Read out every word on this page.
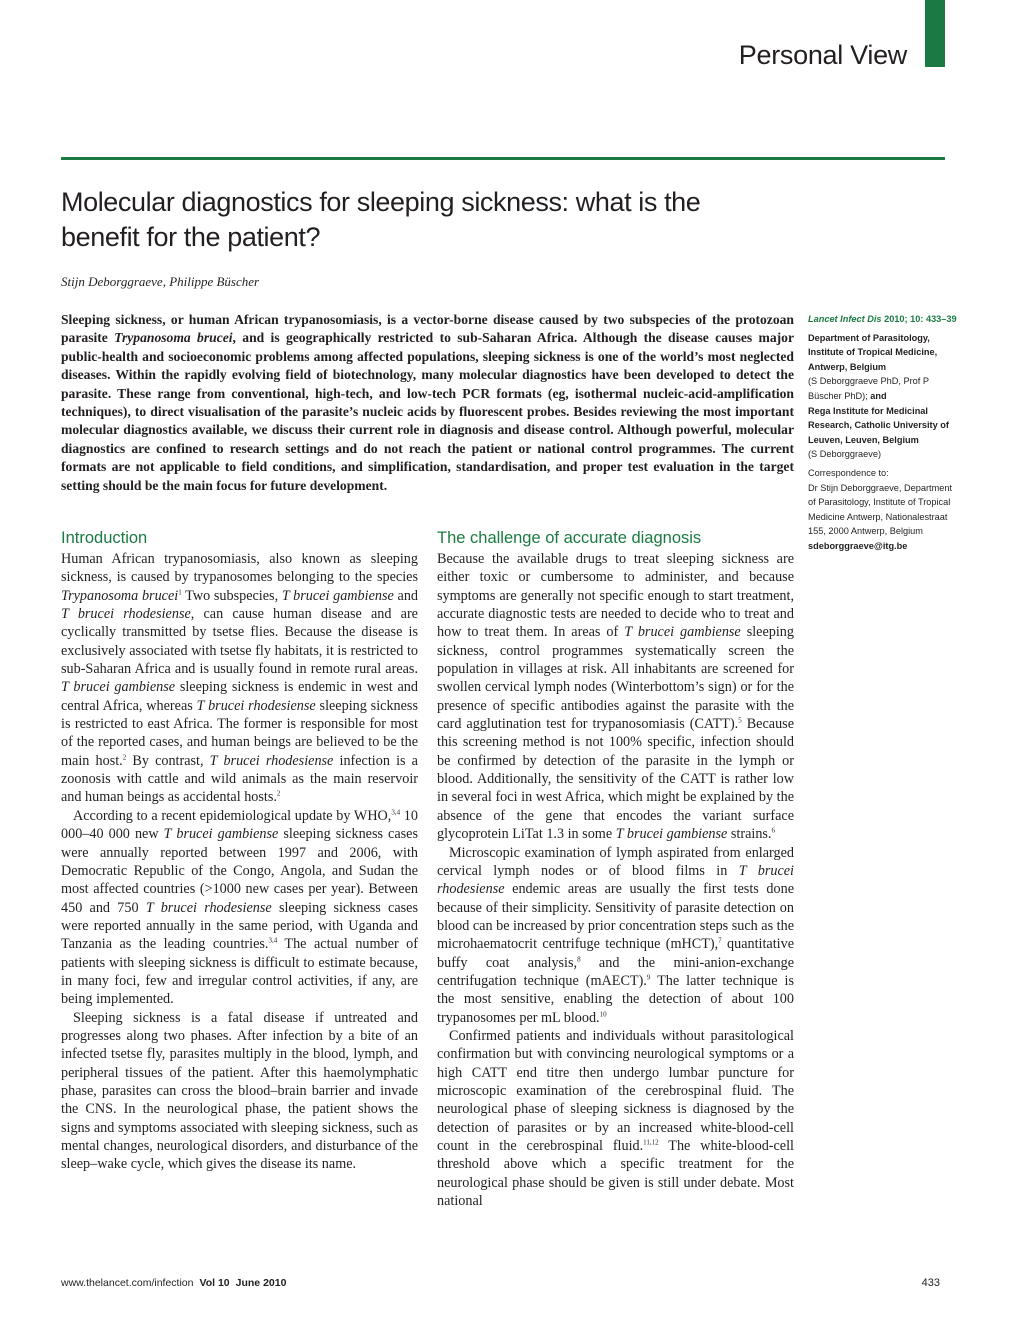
Personal View
Molecular diagnostics for sleeping sickness: what is the benefit for the patient?
Stijn Deborggraeve, Philippe Büscher

Sleeping sickness, or human African trypanosomiasis, is a vector-borne disease caused by two subspecies of the protozoan parasite Trypanosoma brucei, and is geographically restricted to sub-Saharan Africa. Although the disease causes major public-health and socioeconomic problems among affected populations, sleeping sickness is one of the world’s most neglected diseases. Within the rapidly evolving field of biotechnology, many molecular diagnostics have been developed to detect the parasite. These range from conventional, high-tech, and low-tech PCR formats (eg, isothermal nucleic-acid-amplification techniques), to direct visualisation of the parasite’s nucleic acids by fluorescent probes. Besides reviewing the most important molecular diagnostics available, we discuss their current role in diagnosis and disease control. Although powerful, molecular diagnostics are confined to research settings and do not reach the patient or national control programmes. The current formats are not applicable to field conditions, and simplification, standardisation, and proper test evaluation in the target setting should be the main focus for future development.

Lancet Infect Dis 2010; 10: 433–39

Department of Parasitology, Institute of Tropical Medicine, Antwerp, Belgium
(S Deborggraeve PhD, Prof P Büscher PhD); and
Rega Institute for Medicinal Research, Catholic University of Leuven, Leuven, Belgium
(S Deborggraeve)

Correspondence to:
Dr Stijn Deborggraeve, Department of Parasitology, Institute of Tropical Medicine Antwerp, Nationalestraat 155, 2000 Antwerp, Belgium
sdeborggraeve@itg.be

Introduction

Human African trypanosomiasis, also known as sleeping sickness, is caused by trypanosomes belonging to the species Trypanosoma brucei$^1$ Two subspecies, T brucei gambiense and T brucei rhodesiense, can cause human disease and are cyclically transmitted by tsetse flies. Because the disease is exclusively associated with tsetse fly habitats, it is restricted to sub-Saharan Africa and is usually found in remote rural areas. T brucei gambiense sleeping sickness is endemic in west and central Africa, whereas T brucei rhodesiense sleeping sickness is restricted to east Africa. The former is responsible for most of the reported cases, and human beings are believed to be the main host.$^2$ By contrast, T brucei rhodesiense infection is a zoonosis with cattle and wild animals as the main reservoir and human beings as accidental hosts.$^2$

According to a recent epidemiological update by WHO,$^{3,4}$ 10 000–40 000 new T brucei gambiense sleeping sickness cases were annually reported between 1997 and 2006, with Democratic Republic of the Congo, Angola, and Sudan the most affected countries (>1000 new cases per year). Between 450 and 750 T brucei rhodesiense sleeping sickness cases were reported annually in the same period, with Uganda and Tanzania as the leading countries.$^{3,4}$ The actual number of patients with sleeping sickness is difficult to estimate because, in many foci, few and irregular control activities, if any, are being implemented.

Sleeping sickness is a fatal disease if untreated and progresses along two phases. After infection by a bite of an infected tsetse fly, parasites multiply in the blood, lymph, and peripheral tissues of the patient. After this haemolymphatic phase, parasites can cross the blood–brain barrier and invade the CNS. In the neurological phase, the patient shows the signs and symptoms associated with sleeping sickness, such as mental changes, neurological disorders, and disturbance of the sleep–wake cycle, which gives the disease its name.

The challenge of accurate diagnosis

Because the available drugs to treat sleeping sickness are either toxic or cumbersome to administer, and because symptoms are generally not specific enough to start treatment, accurate diagnostic tests are needed to decide who to treat and how to treat them. In areas of T brucei gambiense sleeping sickness, control programmes systematically screen the population in villages at risk. All inhabitants are screened for swollen cervical lymph nodes (Winterbottom’s sign) or for the presence of specific antibodies against the parasite with the card agglutination test for trypanosomiasis (CATT).$^5$ Because this screening method is not 100% specific, infection should be confirmed by detection of the parasite in the lymph or blood. Additionally, the sensitivity of the CATT is rather low in several foci in west Africa, which might be explained by the absence of the gene that encodes the variant surface glycoprotein LiTat 1.3 in some T brucei gambiense strains.$^6$

Microscopic examination of lymph aspirated from enlarged cervical lymph nodes or of blood films in T brucei rhodesiense endemic areas are usually the first tests done because of their simplicity. Sensitivity of parasite detection on blood can be increased by prior concentration steps such as the microhaematocrit centrifuge technique (mHCT),$^7$ quantitative buffy coat analysis,$^8$ and the mini-anion-exchange centrifugation technique (mAECT).$^9$ The latter technique is the most sensitive, enabling the detection of about 100 trypanosomes per mL blood.$^{10}$

Confirmed patients and individuals without parasitological confirmation but with convincing neurological symptoms or a high CATT end titre then undergo lumbar puncture for microscopic examination of the cerebrospinal fluid. The neurological phase of sleeping sickness is diagnosed by the detection of parasites or by an increased white-blood-cell count in the cerebrospinal fluid.$^{11,12}$ The white-blood-cell threshold above which a specific treatment for the neurological phase should be given is still under debate. Most national

www.thelancet.com/infection Vol 10 June 2010	433
